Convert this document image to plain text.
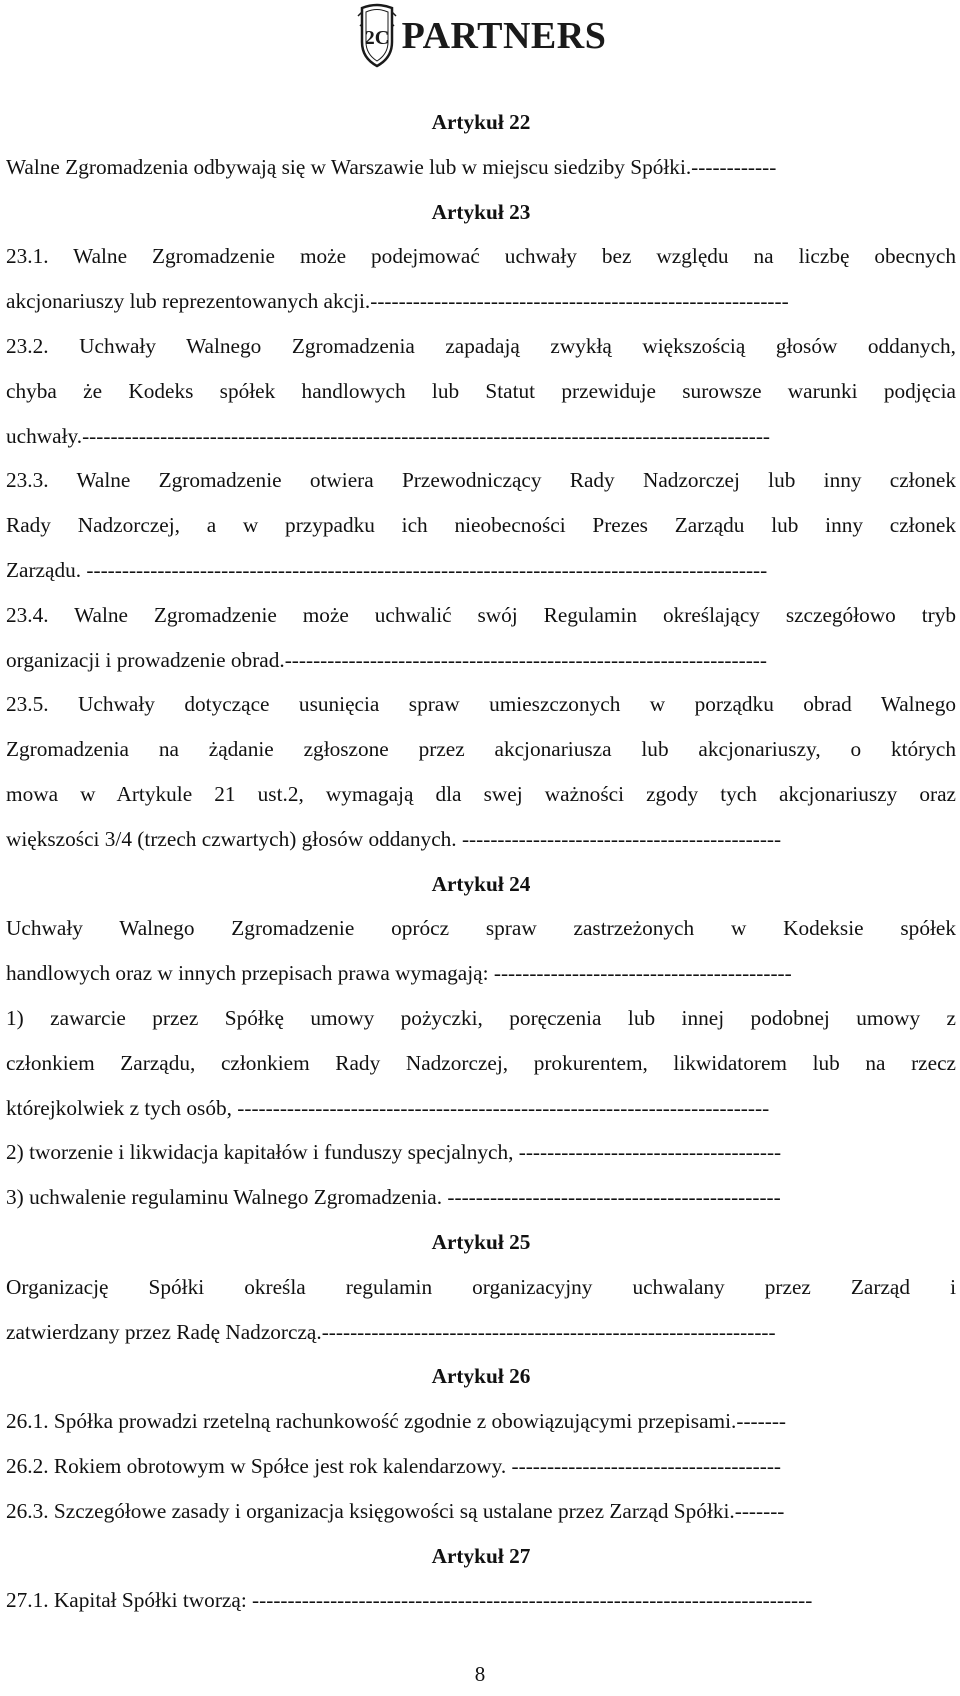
2C PARTNERS
Artykuł 22
Walne Zgromadzenia odbywają się w Warszawie lub w miejscu siedziby Spółki.------------
Artykuł 23
23.1. Walne Zgromadzenie może podejmować uchwały bez względu na liczbę obecnych
akcjonariuszy lub reprezentowanych akcji.-----------------------------------------------------------
23.2. Uchwały Walnego Zgromadzenia zapadają zwykłą większością głosów oddanych,
chyba że Kodeks spółek handlowych lub Statut przewiduje surowsze warunki podjęcia
uchwały.-------------------------------------------------------------------------------------------------
23.3. Walne Zgromadzenie otwiera Przewodniczący Rady Nadzorczej lub inny członek
Rady Nadzorczej, a w przypadku ich nieobecności Prezes Zarządu lub inny członek
Zarządu. ------------------------------------------------------------------------------------------------
23.4. Walne Zgromadzenie może uchwalić swój Regulamin określający szczegółowo tryb
organizacji i prowadzenie obrad.--------------------------------------------------------------------
23.5. Uchwały dotyczące usunięcia spraw umieszczonych w porządku obrad Walnego
Zgromadzenia na żądanie zgłoszone przez akcjonariusza lub akcjonariuszy, o których
mowa w Artykule 21 ust.2, wymagają dla swej ważności zgody tych akcjonariuszy oraz
większości 3/4 (trzech czwartych) głosów oddanych. ---------------------------------------------
Artykuł 24
Uchwały Walnego Zgromadzenie oprócz spraw zastrzeżonych w Kodeksie spółek
handlowych oraz w innych przepisach prawa wymagają: ------------------------------------------
1) zawarcie przez Spółkę umowy pożyczki, poręczenia lub innej podobnej umowy z
członkiem Zarządu, członkiem Rady Nadzorczej, prokurentem, likwidatorem lub na rzecz
którejkolwiek z tych osób, ---------------------------------------------------------------------------
2) tworzenie i likwidacja kapitałów i funduszy specjalnych, -------------------------------------
3) uchwalenie regulaminu Walnego Zgromadzenia. -----------------------------------------------
Artykuł 25
Organizację Spółki określa regulamin organizacyjny uchwalany przez Zarząd i
zatwierdzany przez Radę Nadzorczą.----------------------------------------------------------------
Artykuł 26
26.1. Spółka prowadzi rzetelną rachunkowość zgodnie z obowiązującymi przepisami.-------
26.2. Rokiem obrotowym w Spółce jest rok kalendarzowy. --------------------------------------
26.3. Szczegółowe zasady i organizacja księgowości są ustalane przez Zarząd Spółki.-------
Artykuł 27
27.1. Kapitał Spółki tworzą: -------------------------------------------------------------------------------
8
